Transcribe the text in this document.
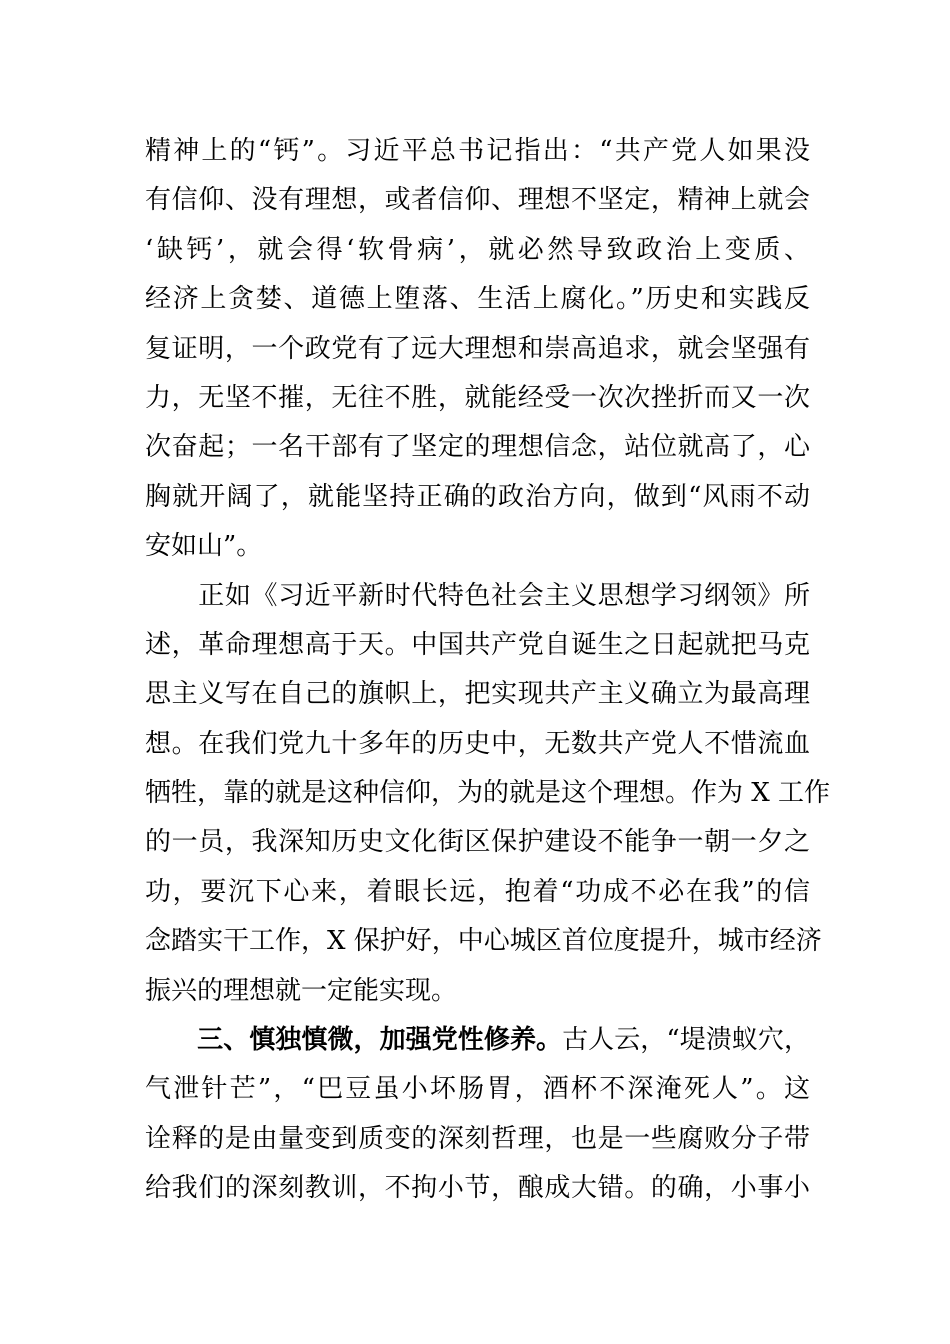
精神上的“钙”。习近平总书记指出：“共产党人如果没
有信仰、没有理想，或者信仰、理想不坚定，精神上就会
‘缺钙’，就会得‘软骨病’，就必然导致政治上变质、
经济上贪婪、道德上堕落、生活上腐化。”历史和实践反
复证明，一个政党有了远大理想和崇高追求，就会坚强有
力，无坚不摧，无往不胜，就能经受一次次挫折而又一次
次奋起；一名干部有了坚定的理想信念，站位就高了，心
胸就开阔了，就能坚持正确的政治方向，做到“风雨不动
安如山”。
　　正如《习近平新时代特色社会主义思想学习纲领》所
述，革命理想高于天。中国共产党自诞生之日起就把马克
思主义写在自己的旗帜上，把实现共产主义确立为最高理
想。在我们党九十多年的历史中，无数共产党人不惜流血
牺牲，靠的就是这种信仰，为的就是这个理想。作为 X 工作
的一员，我深知历史文化街区保护建设不能争一朝一夕之
功，要沉下心来，着眼长远，抱着“功成不必在我”的信
念踏实干工作，X 保护好，中心城区首位度提升，城市经济
振兴的理想就一定能实现。
　　三、慎独慎微，加强党性修养。古人云，“堤溃蚁穴，
气泄针芒”，“巴豆虽小坏肠胃，酒杯不深淹死人”。这
诠释的是由量变到质变的深刻哲理，也是一些腐败分子带
给我们的深刻教训，不拘小节，酿成大错。的确，小事小
